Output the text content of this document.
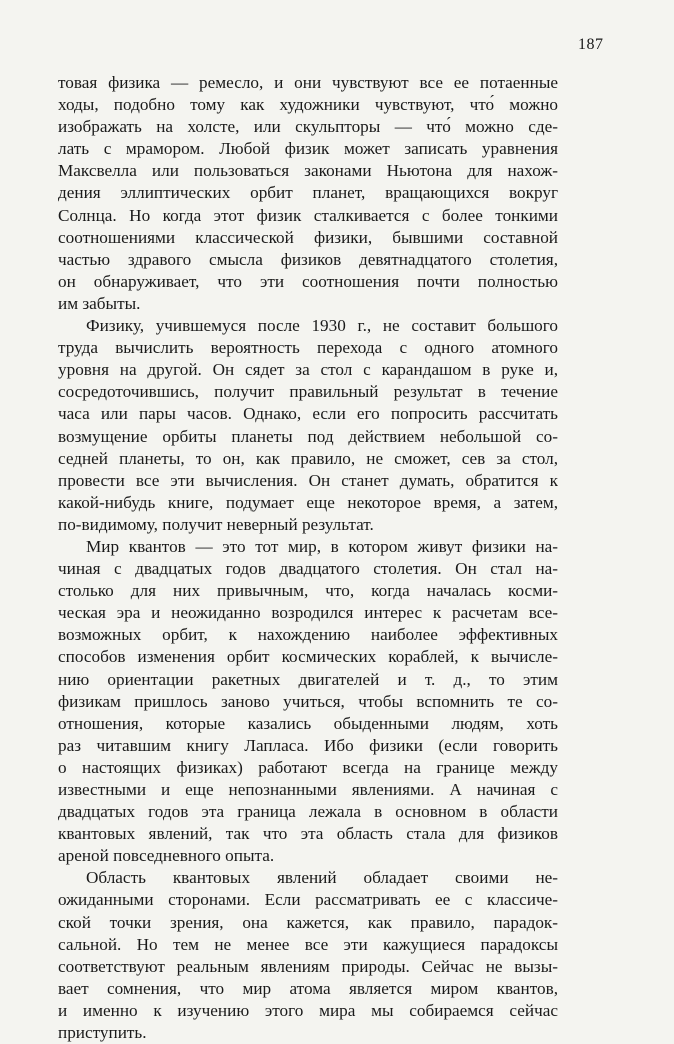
187
товая физика — ремесло, и они чувствуют все ее потаенные
ходы, подобно тому как художники чувствуют, что́ можно
изображать на холсте, или скульпторы — что́ можно сде-
лать с мрамором. Любой физик может записать уравнения
Максвелла или пользоваться законами Ньютона для нахож-
дения эллиптических орбит планет, вращающихся вокруг
Солнца. Но когда этот физик сталкивается с более тонкими
соотношениями классической физики, бывшими составной
частью здравого смысла физиков девятнадцатого столетия,
он обнаруживает, что эти соотношения почти полностью
им забыты.
Физику, учившемуся после 1930 г., не составит большого
труда вычислить вероятность перехода с одного атомного
уровня на другой. Он сядет за стол с карандашом в руке и,
сосредоточившись, получит правильный результат в течение
часа или пары часов. Однако, если его попросить рассчитать
возмущение орбиты планеты под действием небольшой со-
седней планеты, то он, как правило, не сможет, сев за стол,
провести все эти вычисления. Он станет думать, обратится к
какой-нибудь книге, подумает еще некоторое время, а затем,
по-видимому, получит неверный результат.
Мир квантов — это тот мир, в котором живут физики на-
чиная с двадцатых годов двадцатого столетия. Он стал на-
столько для них привычным, что, когда началась косми-
ческая эра и неожиданно возродился интерес к расчетам все-
возможных орбит, к нахождению наиболее эффективных
способов изменения орбит космических кораблей, к вычисле-
нию ориентации ракетных двигателей и т. д., то этим
физикам пришлось заново учиться, чтобы вспомнить те со-
отношения, которые казались обыденными людям, хоть
раз читавшим книгу Лапласа. Ибо физики (если говорить
о настоящих физиках) работают всегда на границе между
известными и еще непознанными явлениями. А начиная с
двадцатых годов эта граница лежала в основном в области
квантовых явлений, так что эта область стала для физиков
ареной повседневного опыта.
Область квантовых явлений обладает своими не-
ожиданными сторонами. Если рассматривать ее с классиче-
ской точки зрения, она кажется, как правило, парадок-
сальной. Но тем не менее все эти кажущиеся парадоксы
соответствуют реальным явлениям природы. Сейчас не вызы-
вает сомнения, что мир атома является миром квантов,
и именно к изучению этого мира мы собираемся сейчас
приступить.
